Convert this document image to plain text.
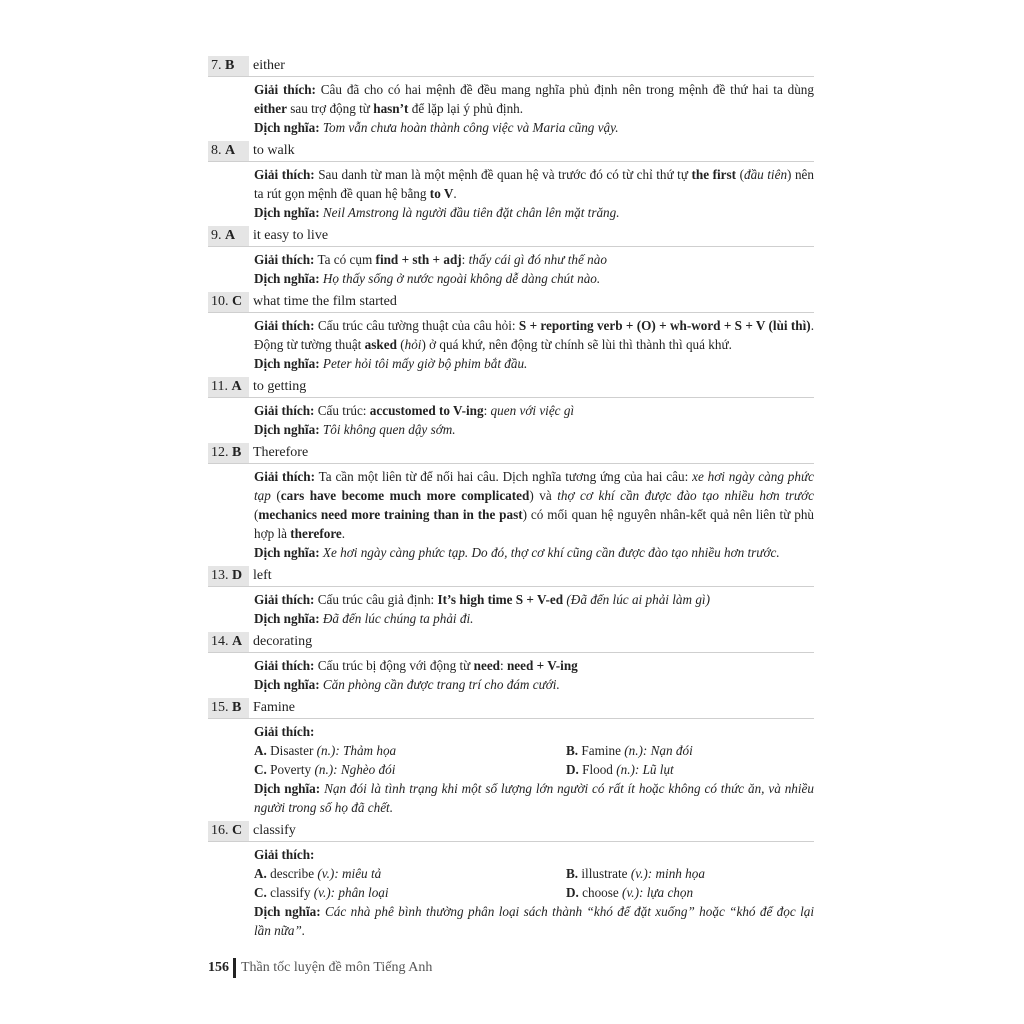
7. B	either

Giải thích: Câu đã cho có hai mệnh đề đều mang nghĩa phủ định nên trong mệnh đề thứ hai ta dùng either sau trợ động từ hasn’t để lặp lại ý phủ định.

Dịch nghĩa: Tom vẫn chưa hoàn thành công việc và Maria cũng vậy.

8. A	to walk

Giải thích: Sau danh từ man là một mệnh đề quan hệ và trước đó có từ chỉ thứ tự the first (đầu tiên) nên ta rút gọn mệnh đề quan hệ bằng to V.

Dịch nghĩa: Neil Amstrong là người đầu tiên đặt chân lên mặt trăng.

9. A	it easy to live

Giải thích: Ta có cụm find + sth + adj: thấy cái gì đó như thế nào

Dịch nghĩa: Họ thấy sống ở nước ngoài không dễ dàng chút nào.

10. C what time the film started

Giải thích: Cấu trúc câu tường thuật của câu hỏi: S + reporting verb + (O) + wh-word + S + V (lùi thì). Động từ tường thuật asked (hỏi) ở quá khứ, nên động từ chính sẽ lùi thì thành thì quá khứ.

Dịch nghĩa: Peter hỏi tôi mấy giờ bộ phim bắt đầu.

11. A to getting

Giải thích: Cấu trúc: accustomed to V-ing: quen với việc gì

Dịch nghĩa: Tôi không quen dậy sớm.

12. B Therefore

Giải thích: Ta cần một liên từ để nối hai câu. Dịch nghĩa tương ứng của hai câu: xe hơi ngày càng phức tạp (cars have become much more complicated) và thợ cơ khí cần được đào tạo nhiều hơn trước (mechanics need more training than in the past) có mối quan hệ nguyên nhân-kết quả nên liên từ phù hợp là therefore.

Dịch nghĩa: Xe hơi ngày càng phức tạp. Do đó, thợ cơ khí cũng cần được đào tạo nhiều hơn trước.

13. D left

Giải thích: Cấu trúc câu giả định: It’s high time S + V-ed (Đã đến lúc ai phải làm gì)

Dịch nghĩa: Đã đến lúc chúng ta phải đi.

14. A decorating

Giải thích: Cấu trúc bị động với động từ need: need + V-ing

Dịch nghĩa: Căn phòng cần được trang trí cho đám cưới.

15. B Famine

Giải thích:

A. Disaster (n.): Thảm họa	B. Famine (n.): Nạn đói
C. Poverty (n.): Nghèo đói	D. Flood (n.): Lũ lụt

Dịch nghĩa: Nạn đói là tình trạng khi một số lượng lớn người có rất ít hoặc không có thức ăn, và nhiều người trong số họ đã chết.

16. C classify

Giải thích:

A. describe (v.): miêu tả	B. illustrate (v.): minh họa
C. classify (v.): phân loại	D. choose (v.): lựa chọn

Dịch nghĩa: Các nhà phê bình thường phân loại sách thành “khó để đặt xuống” hoặc “khó để đọc lại lần nữa”.

156 Thần tốc luyện đề môn Tiếng Anh
